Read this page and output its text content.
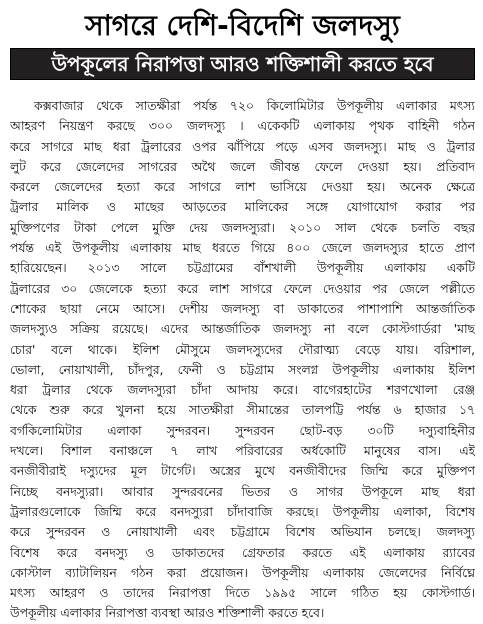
সাগরে দেশি-বিদেশি জলদস্যু
উপকূলের নিরাপত্তা আরও শক্তিশালী করতে হবে
কক্সবাজার থেকে সাতক্ষীরা পর্যন্ত ৭২০ কিলোমিটার উপকূলীয় এলাকার মৎস্য
আহরণ নিয়ন্ত্রণ করছে ৩০০ জলদস্যু । একেকটি এলাকায় পৃথক বাহিনী গঠন
করে সাগরে মাছ ধরা ট্রলারের ওপর ঝাঁপিয়ে পড়ে এসব জলদস্যু। মাছ ও ট্রলার
লুট করে জেলেদের সাগরের অথৈ জলে জীবন্ত ফেলে দেওয়া হয়। প্রতিবাদ
করলে জেলেদের হত্যা করে সাগরে লাশ ভাসিয়ে দেওয়া হয়। অনেক ক্ষেত্রে
ট্রলার মালিক ও মাছের আড়তের মালিকের সঙ্গে যোগাযোগ করার পর
মুক্তিপণের টাকা পেলে মুক্তি দেয় জলদস্যুরা। ২০১০ সাল থেকে চলতি বছর
পর্যন্ত এই উপকূলীয় এলাকায় মাছ ধরতে গিয়ে ৪০০ জেলে জলদস্যুর হাতে প্রাণ
হারিয়েছেন। ২০১৩ সালে চট্টগ্রামের বাঁশখালী উপকূলীয় এলাকায় একটি
ট্রলারের ৩০ জেলেকে হত্যা করে লাশ সাগরে ফেলে দেওয়ার পর জেলে পল্লীতে
শোকের ছায়া নেমে আসে। দেশীয় জলদস্যু বা ডাকাতের পাশাপাশি আন্তর্জাতিক
জলদস্যুও সক্রিয় রয়েছে। এদের আন্তর্জাতিক জলদস্যু না বলে কোস্টগার্ডরা 'মাছ
চোর' বলে থাকে। ইলিশ মৌসুমে জলদস্যুদের দৌরাত্ম্য বেড়ে যায়। বরিশাল,
ভোলা, নোয়াখালী, চাঁদপুর, ফেনী ও চট্টগ্রাম সংলগ্ন উপকূলীয় এলাকায় ইলিশ
ধরা ট্রলার থেকে জলদস্যুরা চাঁদা আদায় করে। বাগেরহাটের শরণখোলা রেঞ্জ
থেকে শুরু করে খুলনা হয়ে সাতক্ষীরা সীমান্তের তালপট্টি পর্যন্ত ৬ হাজার ১৭
বর্গকিলোমিটার এলাকা সুন্দরবন। সুন্দরবন ছোট-বড় ৩০টি দস্যুবাহিনীর
দখলে। বিশাল বনাঞ্চলে ৭ লাখ পরিবারের অর্ধকোটি মানুষের বাস। এই
বনজীবীরাই দস্যুদের মূল টার্গেট। অস্ত্রের মুখে বনজীবীদের জিম্মি করে মুক্তিপণ
নিচ্ছে বনদস্যুরা। আবার সুন্দরবনের ভিতর ও সাগর উপকূলে মাছ ধরা
ট্রলারগুলোকে জিম্মি করে বনদস্যুরা চাঁদাবাজি করছে। উপকূলীয় এলাকা, বিশেষ
করে সুন্দরবন ও নোয়াখালী এবং চট্টগ্রামে বিশেষ অভিযান চলছে। জলদস্যু
বিশেষ করে বনদস্যু ও ডাকাতদের গ্রেফতার করতে এই এলাকায় র‍্যাবের
কোস্টাল ব্যাটালিয়ন গঠন করা প্রয়োজন। উপকূলীয় এলাকায় জেলেদের নির্বিঘ্নে
মৎস্য আহরণ ও তাদের নিরাপত্তা দিতে ১৯৯৫ সালে গঠিত হয় কোস্টগার্ড।
উপকূলীয় এলাকার নিরাপত্তা ব্যবস্থা আরও শক্তিশালী করতে হবে।
